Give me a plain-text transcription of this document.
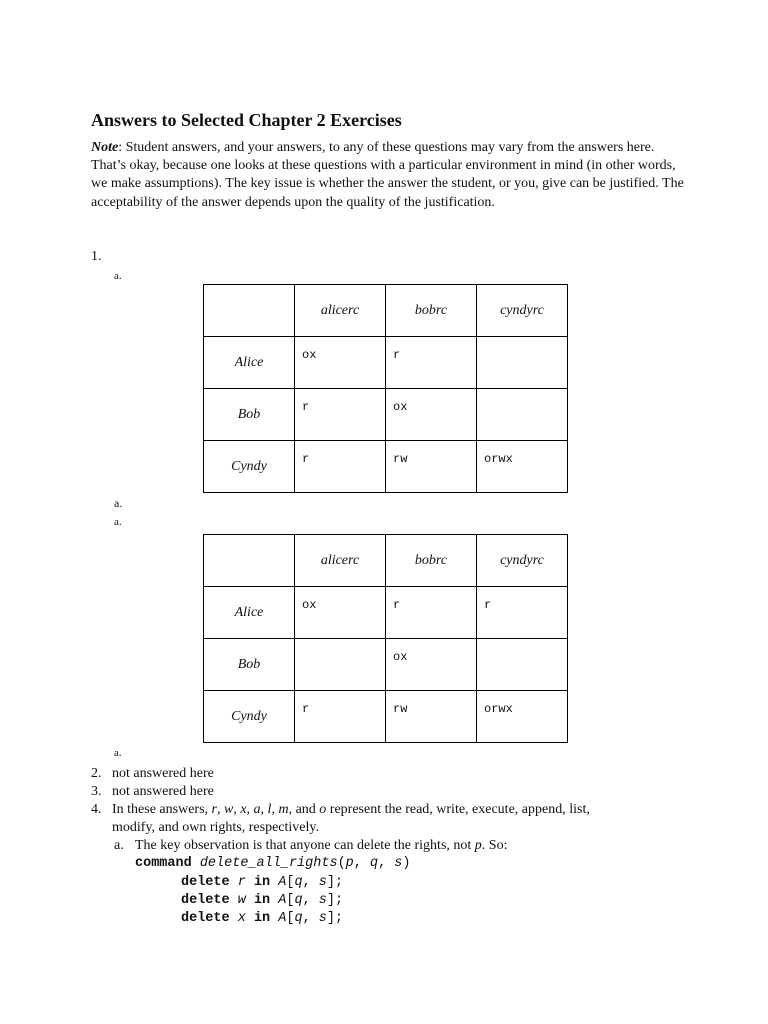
Answers to Selected Chapter 2 Exercises
Note: Student answers, and your answers, to any of these questions may vary from the answers here. That’s okay, because one looks at these questions with a particular environment in mind (in other words, we make assumptions). The key issue is whether the answer the student, or you, give can be justified. The acceptability of the answer depends upon the quality of the justification.
1.
a.
	alicerc	bobrc	cyndyrc
Alice	ox	r	

Bob	r	ox	

Cyndy	r	rw	orwx
a.
a.
	alicerc	bobrc	cyndyrc
Alice	ox	r	r

Bob		ox	

Cyndy	r	rw	orwx
a.
2. not answered here
3. not answered here
4. In these answers, r, w, x, a, l, m, and o represent the read, write, execute, append, list,
modify, and own rights, respectively.
a. The key observation is that anyone can delete the rights, not p. So:
command delete_all_rights(p, q, s)
delete r in A[q, s];
delete w in A[q, s];
delete x in A[q, s];
